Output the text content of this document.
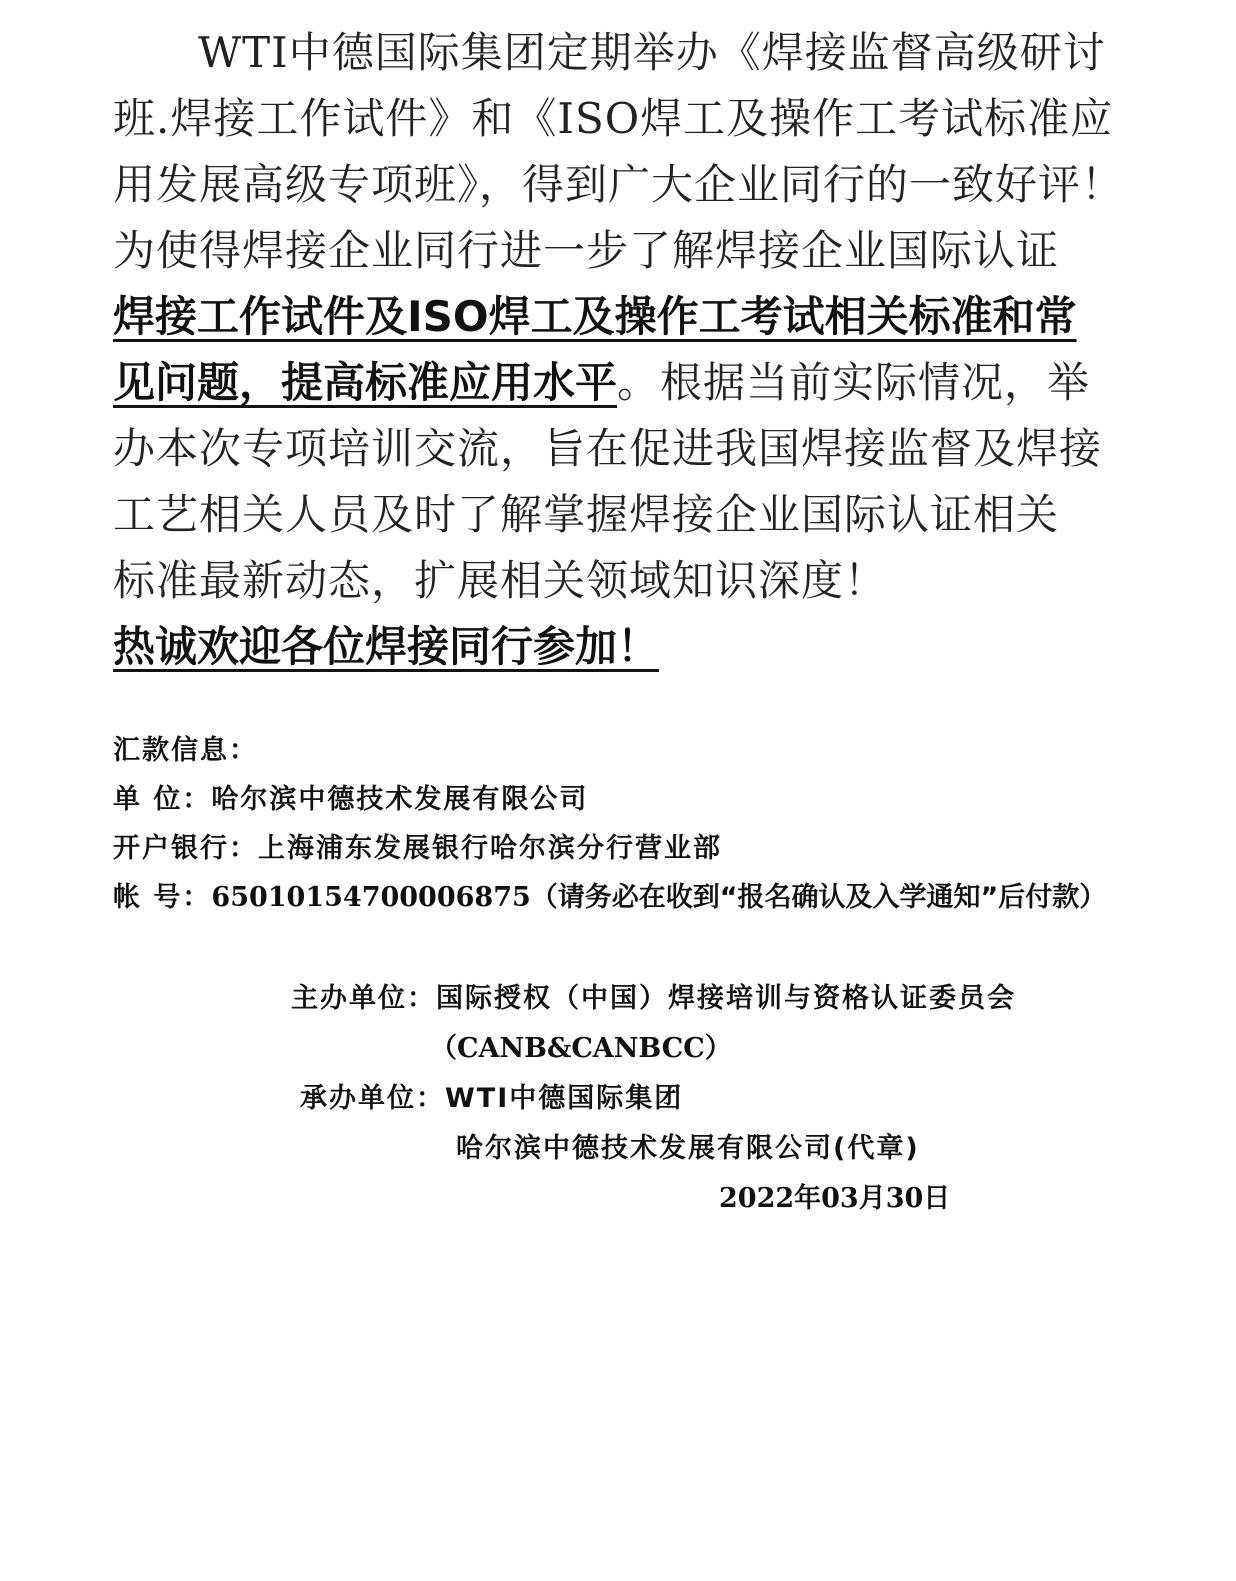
WTI中德国际集团定期举办《焊接监督高级研讨
班.焊接工作试件》和《ISO焊工及操作工考试标准应
用发展高级专项班》，得到广大企业同行的一致好评！
为使得焊接企业同行进一步了解焊接企业国际认证
焊接工作试件及ISO焊工及操作工考试相关标准和常
见问题，提高标准应用水平。根据当前实际情况，举
办本次专项培训交流，旨在促进我国焊接监督及焊接
工艺相关人员及时了解掌握焊接企业国际认证相关
标准最新动态，扩展相关领域知识深度！
热诚欢迎各位焊接同行参加！
汇款信息：
单 位：哈尔滨中德技术发展有限公司
开户银行：上海浦东发展银行哈尔滨分行营业部
帐 号：65010154700006875（请务必在收到“报名确认及入学通知”后付款）
主办单位：国际授权（中国）焊接培训与资格认证委员会
（CANB&CANBCC）
承办单位：WTI中德国际集团
哈尔滨中德技术发展有限公司(代章)
2022年03月30日
